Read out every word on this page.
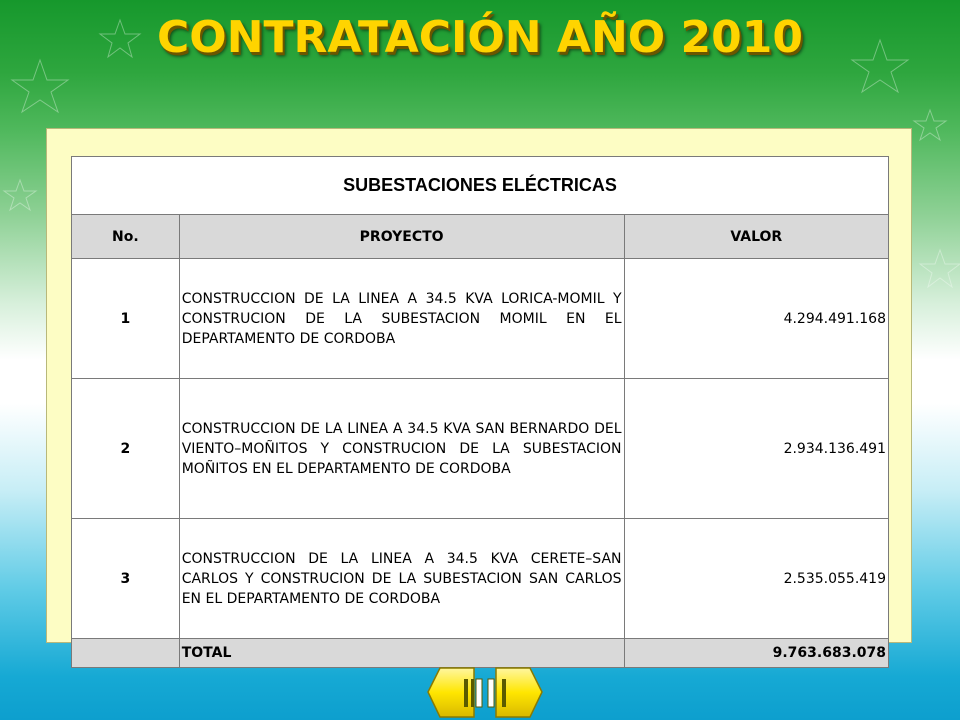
CONTRATACIÓN AÑO 2010
SUBESTACIONES ELÉCTRICAS		
No.	PROYECTO	VALOR
1	CONSTRUCCION DE LA LINEA A 34.5 KVA LORICA-MOMIL Y CONSTRUCION DE LA SUBESTACION MOMIL EN EL DEPARTAMENTO DE CORDOBA	4.294.491.168
2	CONSTRUCCION DE LA LINEA A 34.5 KVA SAN BERNARDO DEL VIENTO–MOÑITOS Y CONSTRUCION DE LA SUBESTACION MOÑITOS EN EL DEPARTAMENTO DE CORDOBA	2.934.136.491
3	CONSTRUCCION DE LA LINEA A 34.5 KVA CERETE–SAN CARLOS Y CONSTRUCION DE LA SUBESTACION SAN CARLOS EN EL DEPARTAMENTO DE CORDOBA	2.535.055.419
	TOTAL	9.763.683.078
